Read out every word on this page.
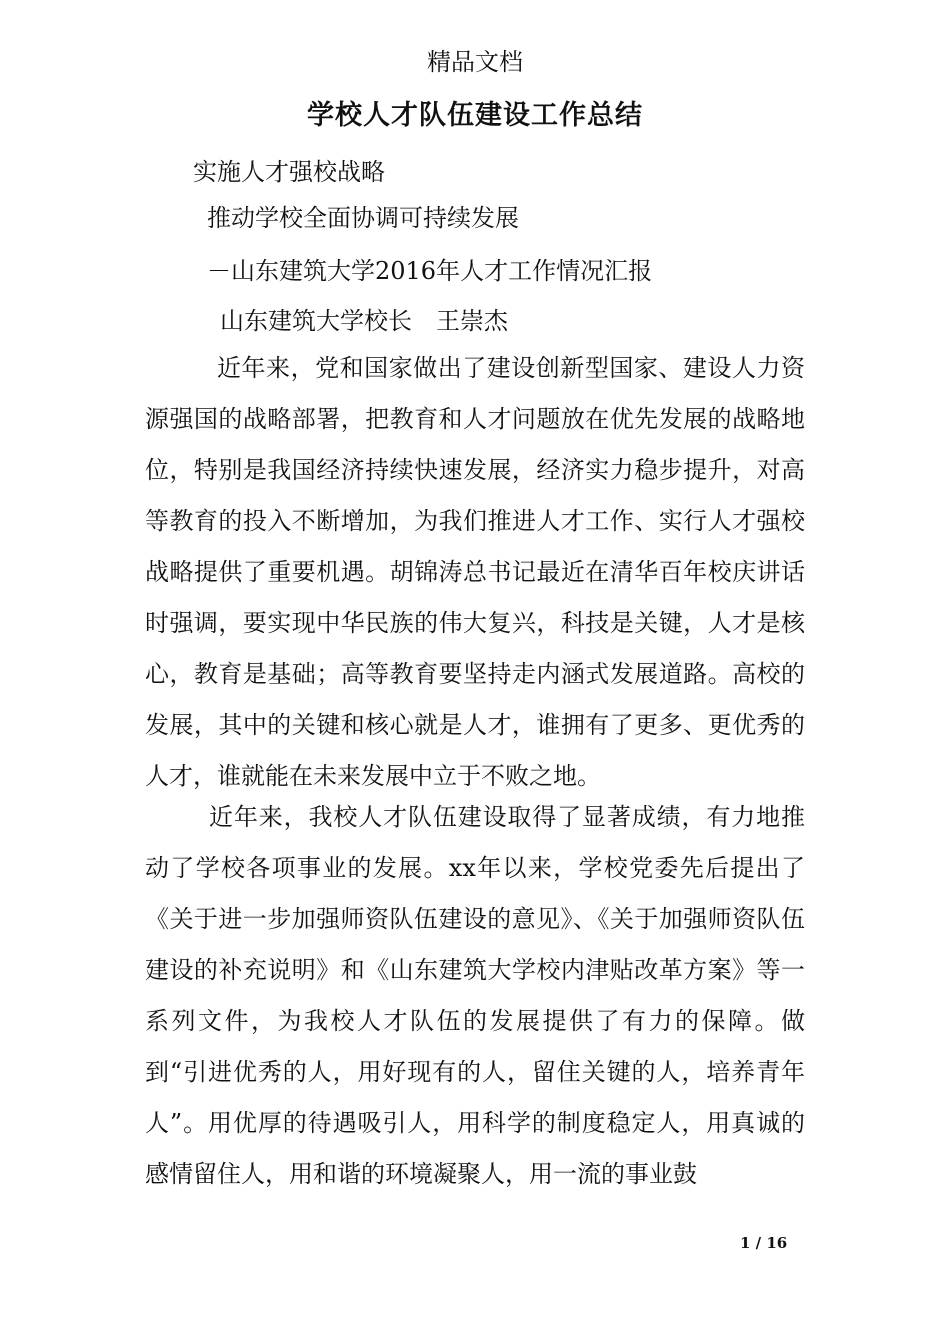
精品文档
学校人才队伍建设工作总结
实施人才强校战略
推动学校全面协调可持续发展
－山东建筑大学2016年人才工作情况汇报
山东建筑大学校长　王崇杰

近年来，党和国家做出了建设创新型国家、建设人力资源强国的战略部署，把教育和人才问题放在优先发展的战略地位，特别是我国经济持续快速发展，经济实力稳步提升，对高等教育的投入不断增加，为我们推进人才工作、实行人才强校战略提供了重要机遇。胡锦涛总书记最近在清华百年校庆讲话时强调，要实现中华民族的伟大复兴，科技是关键，人才是核心，教育是基础；高等教育要坚持走内涵式发展道路。高校的发展，其中的关键和核心就是人才，谁拥有了更多、更优秀的人才，谁就能在未来发展中立于不败之地。

近年来，我校人才队伍建设取得了显著成绩，有力地推动了学校各项事业的发展。xx年以来，学校党委先后提出了《关于进一步加强师资队伍建设的意见》、《关于加强师资队伍建设的补充说明》和《山东建筑大学校内津贴改革方案》等一系列文件，为我校人才队伍的发展提供了有力的保障。做到“引进优秀的人，用好现有的人，留住关键的人，培养青年人”。用优厚的待遇吸引人，用科学的制度稳定人，用真诚的感情留住人，用和谐的环境凝聚人，用一流的事业鼓

1 / 16
